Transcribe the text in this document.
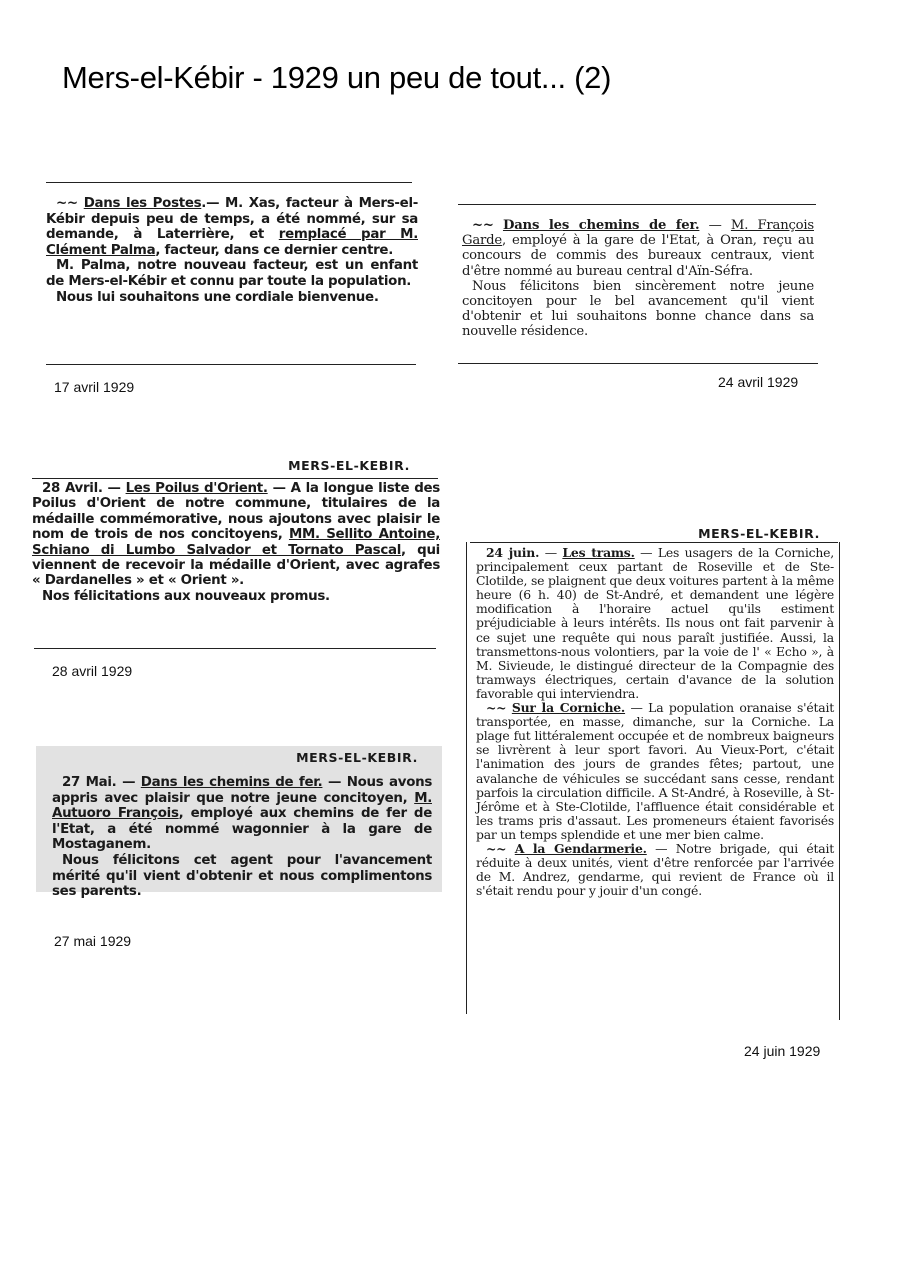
Mers-el-Kébir - 1929 un peu de tout... (2)

~~ Dans les Postes.— M. Xas, facteur à Mers-el-Kébir depuis peu de temps, a été nommé, sur sa demande, à Laterrière, et remplacé par M. Clément Palma, facteur, dans ce dernier centre.

M. Palma, notre nouveau facteur, est un enfant de Mers-el-Kébir et connu par toute la population.

Nous lui souhaitons une cordiale bienvenue.

17 avril 1929

~~ Dans les chemins de fer. — M. François Garde, employé à la gare de l'Etat, à Oran, reçu au concours de commis des bureaux centraux, vient d'être nommé au bureau central d'Aïn-Séfra.

Nous félicitons bien sincèrement notre jeune concitoyen pour le bel avancement qu'il vient d'obtenir et lui souhaitons bonne chance dans sa nouvelle résidence.

24 avril 1929
MERS-EL-KEBIR.

28 Avril. — Les Poilus d'Orient. — A la longue liste des Poilus d'Orient de notre commune, titulaires de la médaille commémorative, nous ajoutons avec plaisir le nom de trois de nos concitoyens, MM. Sellito Antoine, Schiano di Lumbo Salvador et Tornato Pascal, qui viennent de recevoir la médaille d'Orient, avec agrafes « Dardanelles » et « Orient ».

Nos félicitations aux nouveaux promus.

28 avril 1929
MERS-EL-KEBIR.

27 Mai. — Dans les chemins de fer. — Nous avons appris avec plaisir que notre jeune concitoyen, M. Autuoro François, employé aux chemins de fer de l'Etat, a été nommé wagonnier à la gare de Mostaganem.

Nous félicitons cet agent pour l'avancement mérité qu'il vient d'obtenir et nous complimentons ses parents.

27 mai 1929
MERS-EL-KEBIR.

24 juin. — Les trams. — Les usagers de la Corniche, principalement ceux partant de Roseville et de Ste-Clotilde, se plaignent que deux voitures partent à la même heure (6 h. 40) de St-André, et demandent une légère modification à l'horaire actuel qu'ils estiment préjudiciable à leurs intérêts. Ils nous ont fait parvenir à ce sujet une requête qui nous paraît justifiée. Aussi, la transmettons-nous volontiers, par la voie de l' « Echo », à M. Sivieude, le distingué directeur de la Compagnie des tramways électriques, certain d'avance de la solution favorable qui interviendra.

~~ Sur la Corniche. — La population oranaise s'était transportée, en masse, dimanche, sur la Corniche. La plage fut littéralement occupée et de nombreux baigneurs se livrèrent à leur sport favori. Au Vieux-Port, c'était l'animation des jours de grandes fêtes; partout, une avalanche de véhicules se succédant sans cesse, rendant parfois la circulation difficile. A St-André, à Roseville, à St-Jérôme et à Ste-Clotilde, l'affluence était considérable et les trams pris d'assaut. Les promeneurs étaient favorisés par un temps splendide et une mer bien calme.

~~ A la Gendarmerie. — Notre brigade, qui était réduite à deux unités, vient d'être renforcée par l'arrivée de M. Andrez, gendarme, qui revient de France où il s'était rendu pour y jouir d'un congé.

24 juin 1929
